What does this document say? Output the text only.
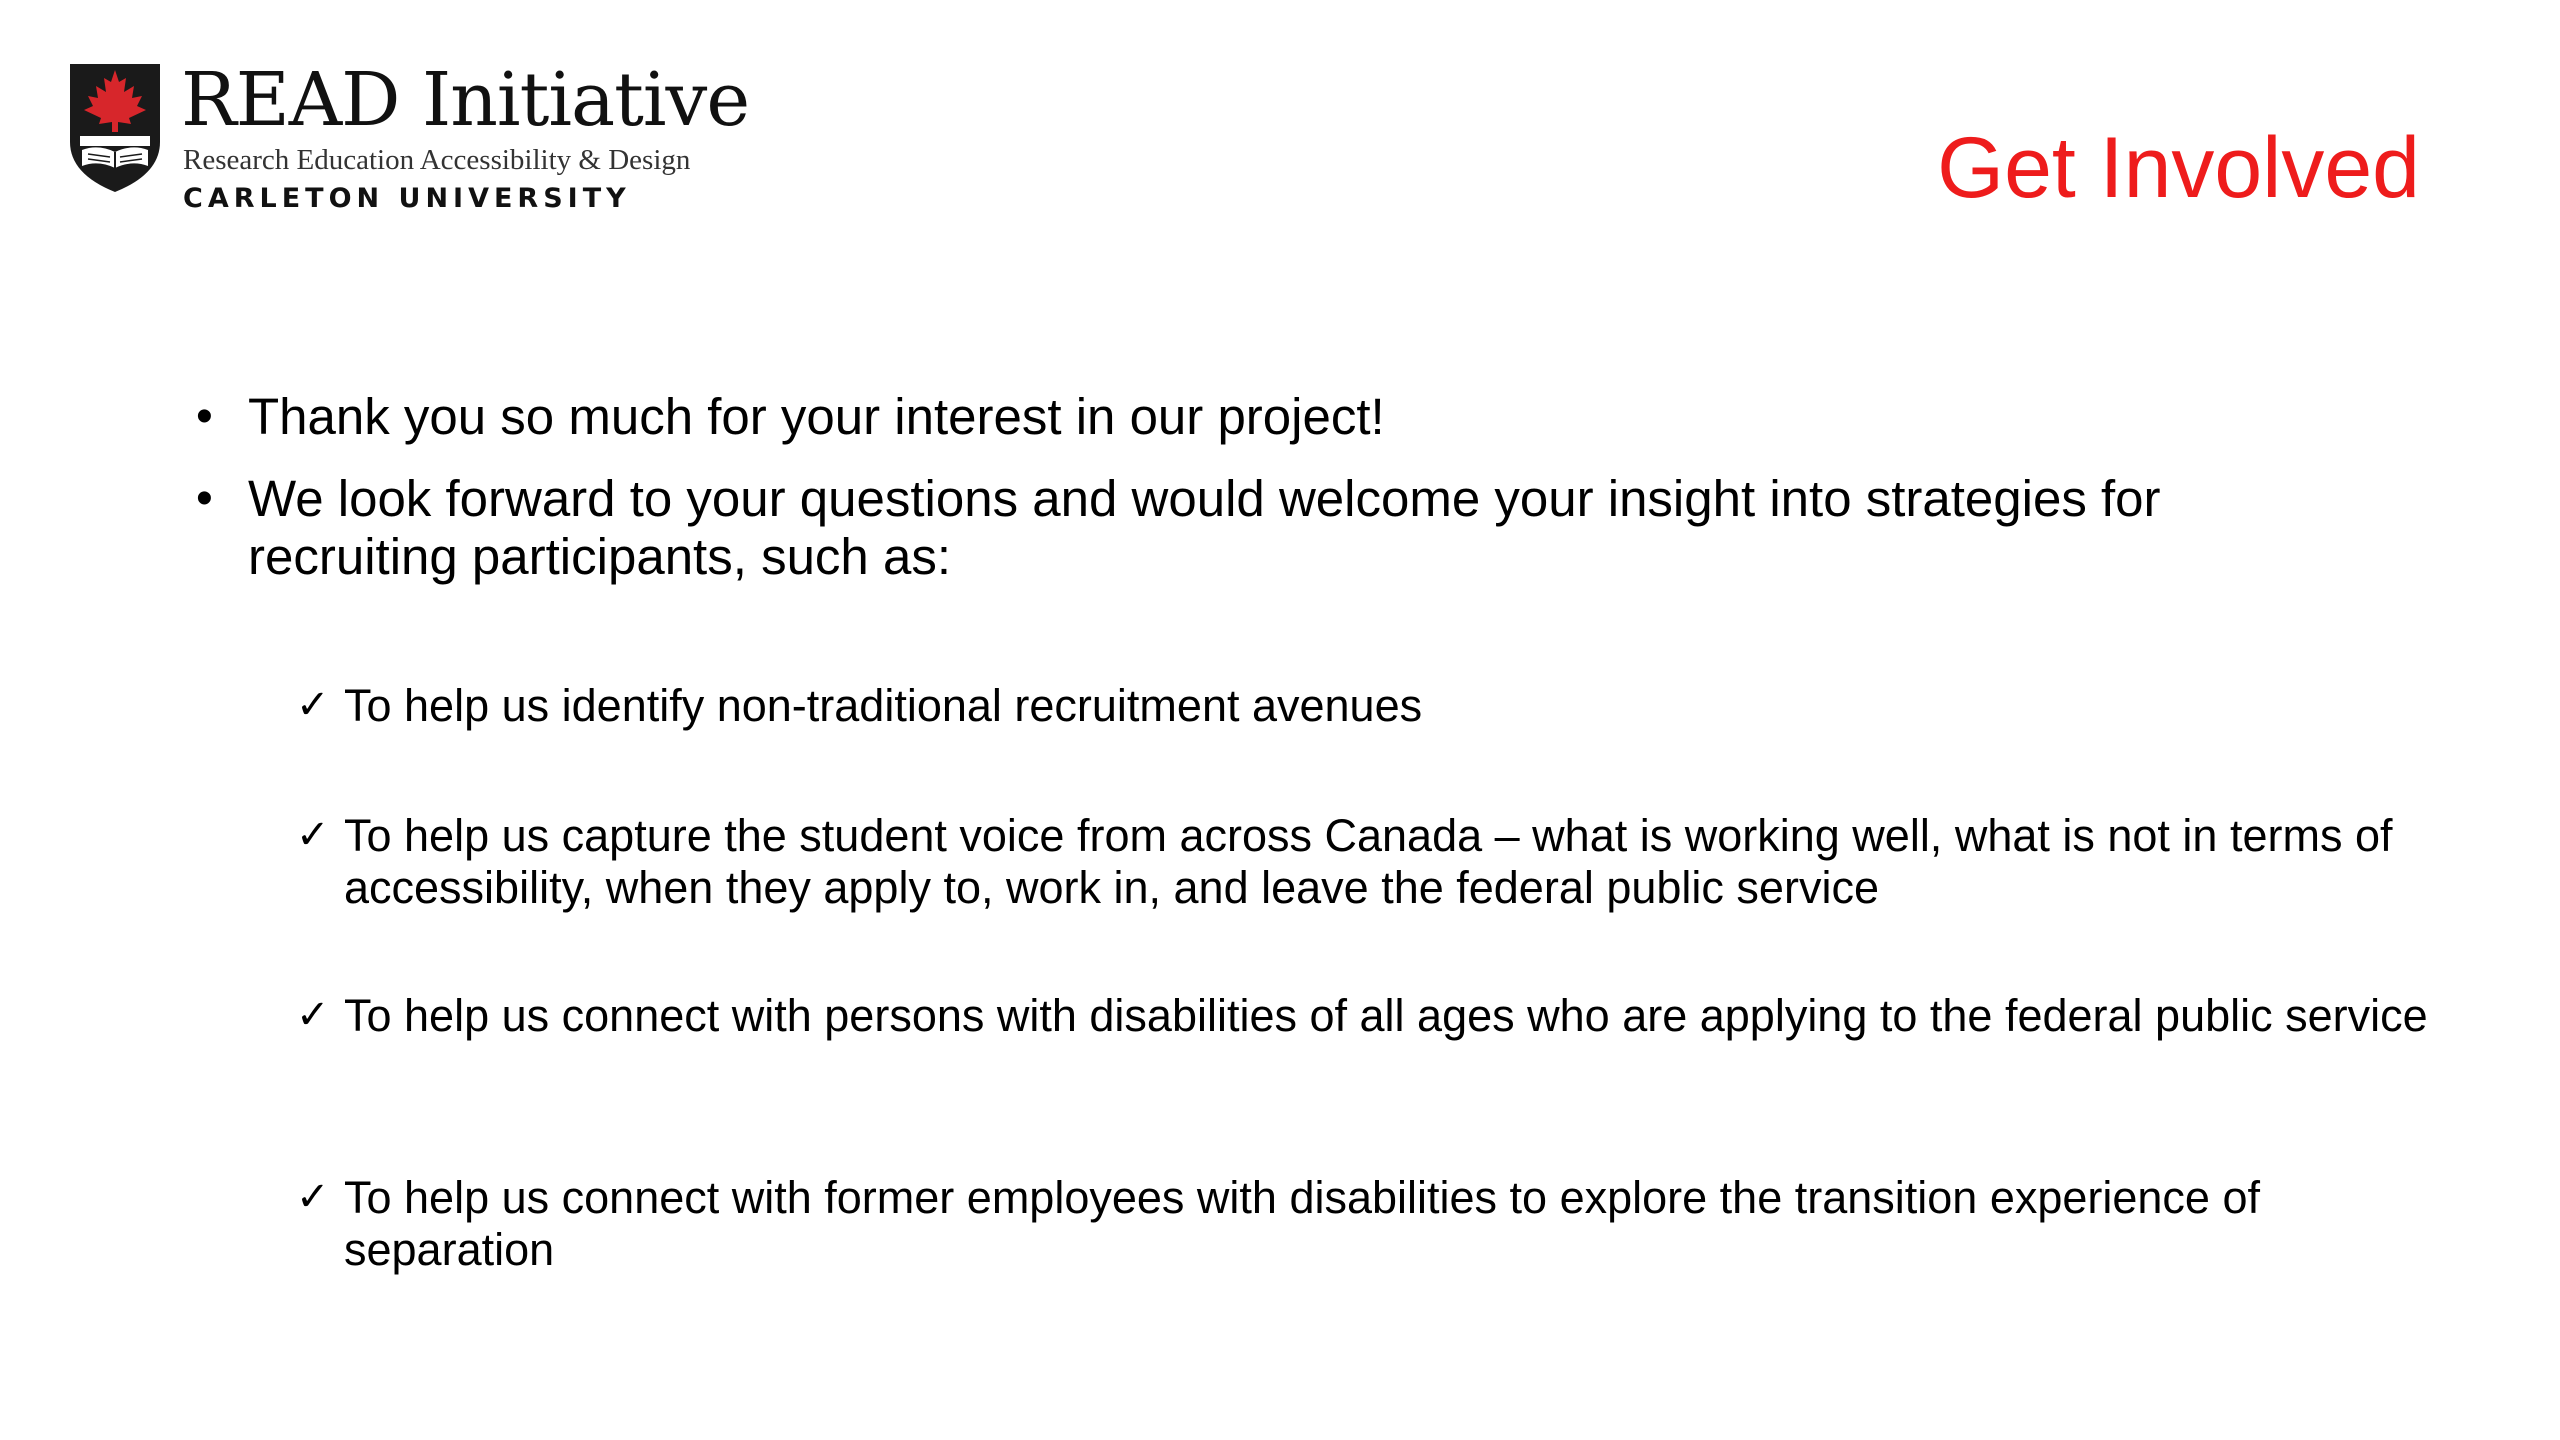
READ Initiative
Research Education Accessibility & Design
CARLETON UNIVERSITY	Get Involved
• Thank you so much for your interest in our project!
• We look forward to your questions and would welcome your insight into strategies for recruiting participants, such as:
✓ To help us identify non-traditional recruitment avenues
✓ To help us capture the student voice from across Canada – what is working well, what is not in terms of accessibility, when they apply to, work in, and leave the federal public service
✓ To help us connect with persons with disabilities of all ages who are applying to the federal public service
✓ To help us connect with former employees with disabilities to explore the transition experience of separation
